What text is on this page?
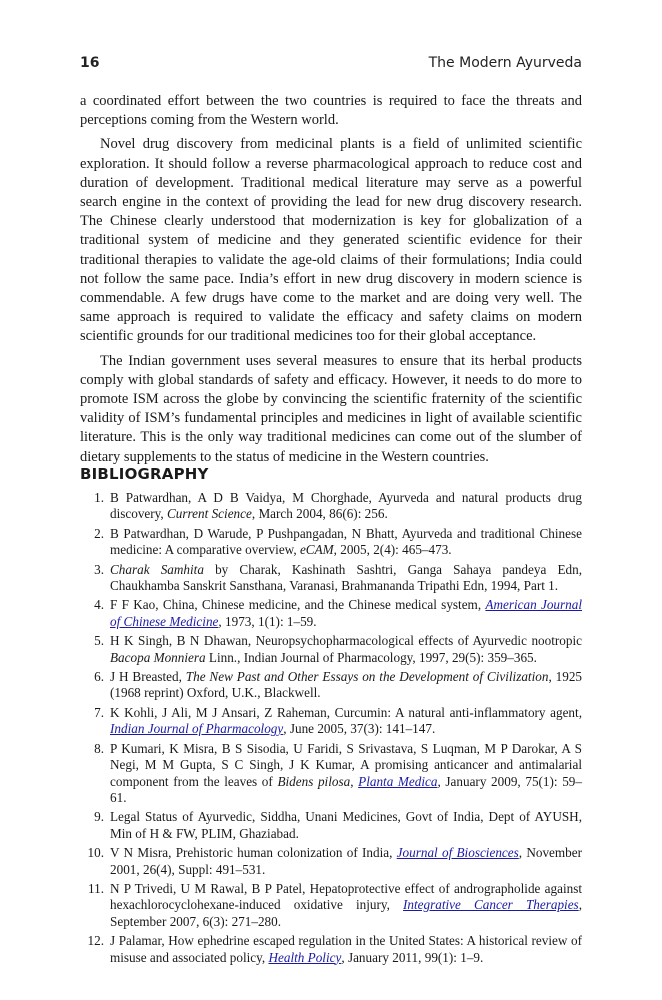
16	The Modern Ayurveda

a coordinated effort between the two countries is required to face the threats and perceptions coming from the Western world.

Novel drug discovery from medicinal plants is a field of unlimited scientific exploration. It should follow a reverse pharmacological approach to reduce cost and duration of development. Traditional medical literature may serve as a powerful search engine in the context of providing the lead for new drug discovery research. The Chinese clearly understood that modernization is key for globalization of a traditional system of medicine and they generated scientific evidence for their traditional therapies to validate the age-old claims of their formulations; India could not follow the same pace. India’s effort in new drug discovery in modern science is commendable. A few drugs have come to the market and are doing very well. The same approach is required to validate the efficacy and safety claims on modern scientific grounds for our traditional medicines too for their global acceptance.

The Indian government uses several measures to ensure that its herbal products comply with global standards of safety and efficacy. However, it needs to do more to promote ISM across the globe by convincing the scientific fraternity of the scientific validity of ISM’s fundamental principles and medicines in light of available scientific literature. This is the only way traditional medicines can come out of the slumber of dietary supplements to the status of medicine in the Western countries.

BIBLIOGRAPHY
1. B Patwardhan, A D B Vaidya, M Chorghade, Ayurveda and natural products drug discovery, Current Science, March 2004, 86(6): 256.
2. B Patwardhan, D Warude, P Pushpangadan, N Bhatt, Ayurveda and traditional Chinese medicine: A comparative overview, eCAM, 2005, 2(4): 465–473.
3. Charak Samhita by Charak, Kashinath Sashtri, Ganga Sahaya pandeya Edn, Chaukhamba Sanskrit Sansthana, Varanasi, Brahmananda Tripathi Edn, 1994, Part 1.
4. F F Kao, China, Chinese medicine, and the Chinese medical system, American Journal of Chinese Medicine, 1973, 1(1): 1–59.
5. H K Singh, B N Dhawan, Neuropsychopharmacological effects of Ayurvedic nootropic Bacopa Monniera Linn., Indian Journal of Pharmacology, 1997, 29(5): 359–365.
6. J H Breasted, The New Past and Other Essays on the Development of Civilization, 1925 (1968 reprint) Oxford, U.K., Blackwell.
7. K Kohli, J Ali, M J Ansari, Z Raheman, Curcumin: A natural anti-inflammatory agent, Indian Journal of Pharmacology, June 2005, 37(3): 141–147.
8. P Kumari, K Misra, B S Sisodia, U Faridi, S Srivastava, S Luqman, M P Darokar, A S Negi, M M Gupta, S C Singh, J K Kumar, A promising anticancer and antimalarial component from the leaves of Bidens pilosa, Planta Medica, January 2009, 75(1): 59–61.
9. Legal Status of Ayurvedic, Siddha, Unani Medicines, Govt of India, Dept of AYUSH, Min of H & FW, PLIM, Ghaziabad.
10. V N Misra, Prehistoric human colonization of India, Journal of Biosciences, November 2001, 26(4), Suppl: 491–531.
11. N P Trivedi, U M Rawal, B P Patel, Hepatoprotective effect of andrographolide against hexachlorocyclohexane-induced oxidative injury, Integrative Cancer Therapies, September 2007, 6(3): 271–280.
12. J Palamar, How ephedrine escaped regulation in the United States: A historical review of misuse and associated policy, Health Policy, January 2011, 99(1): 1–9.
